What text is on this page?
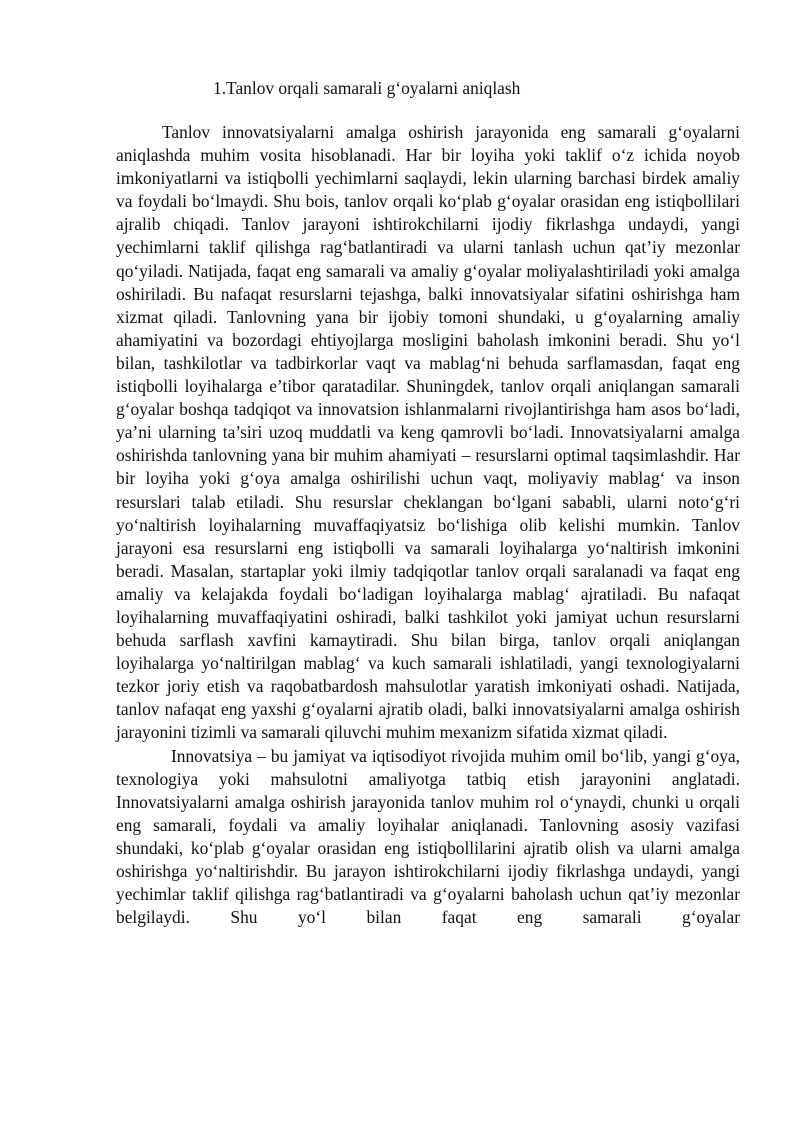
1.Tanlov orqali samarali g‘oyalarni aniqlash

Tanlov innovatsiyalarni amalga oshirish jarayonida eng samarali g‘oyalarni aniqlashda muhim vosita hisoblanadi. Har bir loyiha yoki taklif o‘z ichida noyob imkoniyatlarni va istiqbolli yechimlarni saqlaydi, lekin ularning barchasi birdek amaliy va foydali bo‘lmaydi. Shu bois, tanlov orqali ko‘plab g‘oyalar orasidan eng istiqbollilari ajralib chiqadi. Tanlov jarayoni ishtirokchilarni ijodiy fikrlashga undaydi, yangi yechimlarni taklif qilishga rag‘batlantiradi va ularni tanlash uchun qat’iy mezonlar qo‘yiladi. Natijada, faqat eng samarali va amaliy g‘oyalar moliyalashtiriladi yoki amalga oshiriladi. Bu nafaqat resurslarni tejashga, balki innovatsiyalar sifatini oshirishga ham xizmat qiladi. Tanlovning yana bir ijobiy tomoni shundaki, u g‘oyalarning amaliy ahamiyatini va bozordagi ehtiyojlarga mosligini baholash imkonini beradi. Shu yo‘l bilan, tashkilotlar va tadbirkorlar vaqt va mablag‘ni behuda sarflamasdan, faqat eng istiqbolli loyihalarga e’tibor qaratadilar. Shuningdek, tanlov orqali aniqlangan samarali g‘oyalar boshqa tadqiqot va innovatsion ishlanmalarni rivojlantirishga ham asos bo‘ladi, ya’ni ularning ta’siri uzoq muddatli va keng qamrovli bo‘ladi. Innovatsiyalarni amalga oshirishda tanlovning yana bir muhim ahamiyati – resurslarni optimal taqsimlashdir. Har bir loyiha yoki g‘oya amalga oshirilishi uchun vaqt, moliyaviy mablag‘ va inson resurslari talab etiladi. Shu resurslar cheklangan bo‘lgani sababli, ularni noto‘g‘ri yo‘naltirish loyihalarning muvaffaqiyatsiz bo‘lishiga olib kelishi mumkin. Tanlov jarayoni esa resurslarni eng istiqbolli va samarali loyihalarga yo‘naltirish imkonini beradi. Masalan, startaplar yoki ilmiy tadqiqotlar tanlov orqali saralanadi va faqat eng amaliy va kelajakda foydali bo‘ladigan loyihalarga mablag‘ ajratiladi. Bu nafaqat loyihalarning muvaffaqiyatini oshiradi, balki tashkilot yoki jamiyat uchun resurslarni behuda sarflash xavfini kamaytiradi. Shu bilan birga, tanlov orqali aniqlangan loyihalarga yo‘naltirilgan mablag‘ va kuch samarali ishlatiladi, yangi texnologiyalarni tezkor joriy etish va raqobatbardosh mahsulotlar yaratish imkoniyati oshadi. Natijada, tanlov nafaqat eng yaxshi g‘oyalarni ajratib oladi, balki innovatsiyalarni amalga oshirish jarayonini tizimli va samarali qiluvchi muhim mexanizm sifatida xizmat qiladi.

Innovatsiya – bu jamiyat va iqtisodiyot rivojida muhim omil bo‘lib, yangi g‘oya, texnologiya yoki mahsulotni amaliyotga tatbiq etish jarayonini anglatadi. Innovatsiyalarni amalga oshirish jarayonida tanlov muhim rol o‘ynaydi, chunki u orqali eng samarali, foydali va amaliy loyihalar aniqlanadi. Tanlovning asosiy vazifasi shundaki, ko‘plab g‘oyalar orasidan eng istiqbollilarini ajratib olish va ularni amalga oshirishga yo‘naltirishdir. Bu jarayon ishtirokchilarni ijodiy fikrlashga undaydi, yangi yechimlar taklif qilishga rag‘batlantiradi va g‘oyalarni baholash uchun qat’iy mezonlar belgilaydi. Shu yo‘l bilan faqat eng samarali g‘oyalar
